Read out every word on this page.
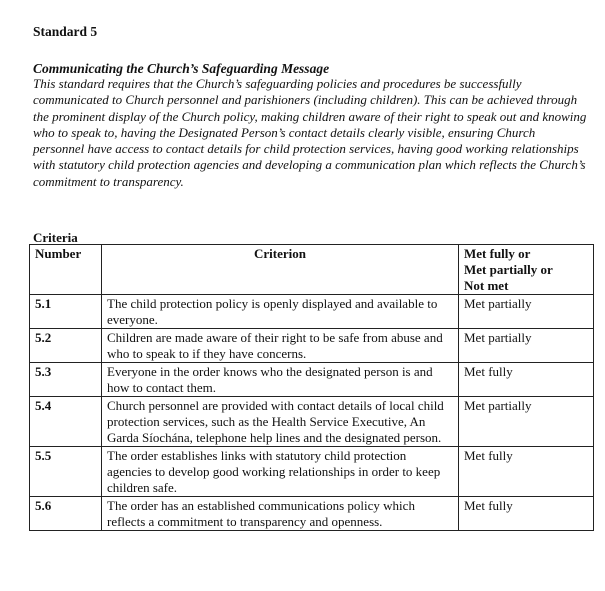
Standard 5
Communicating the Church’s Safeguarding Message
This standard requires that the Church’s safeguarding policies and procedures be successfully communicated to Church personnel and parishioners (including children). This can be achieved through the prominent display of the Church policy, making children aware of their right to speak out and knowing who to speak to, having the Designated Person’s contact details clearly visible, ensuring Church personnel have access to contact details for child protection services, having good working relationships with statutory child protection agencies and developing a communication plan which reflects the Church’s commitment to transparency.
Criteria
Number	Criterion	Met fully or
Met partially or
Not met

5.1	The child protection policy is openly displayed and available to everyone.	Met partially
5.2	Children are made aware of their right to be safe from abuse and who to speak to if they have concerns.	Met partially
5.3	Everyone in the order knows who the designated person is and how to contact them.	Met fully
5.4	Church personnel are provided with contact details of local child protection services, such as the Health Service Executive, An Garda Síochána, telephone help lines and the designated person.	Met partially
5.5	The order establishes links with statutory child protection agencies to develop good working relationships in order to keep children safe.	Met fully
5.6	The order has an established communications policy which reflects a commitment to transparency and openness.	Met fully
